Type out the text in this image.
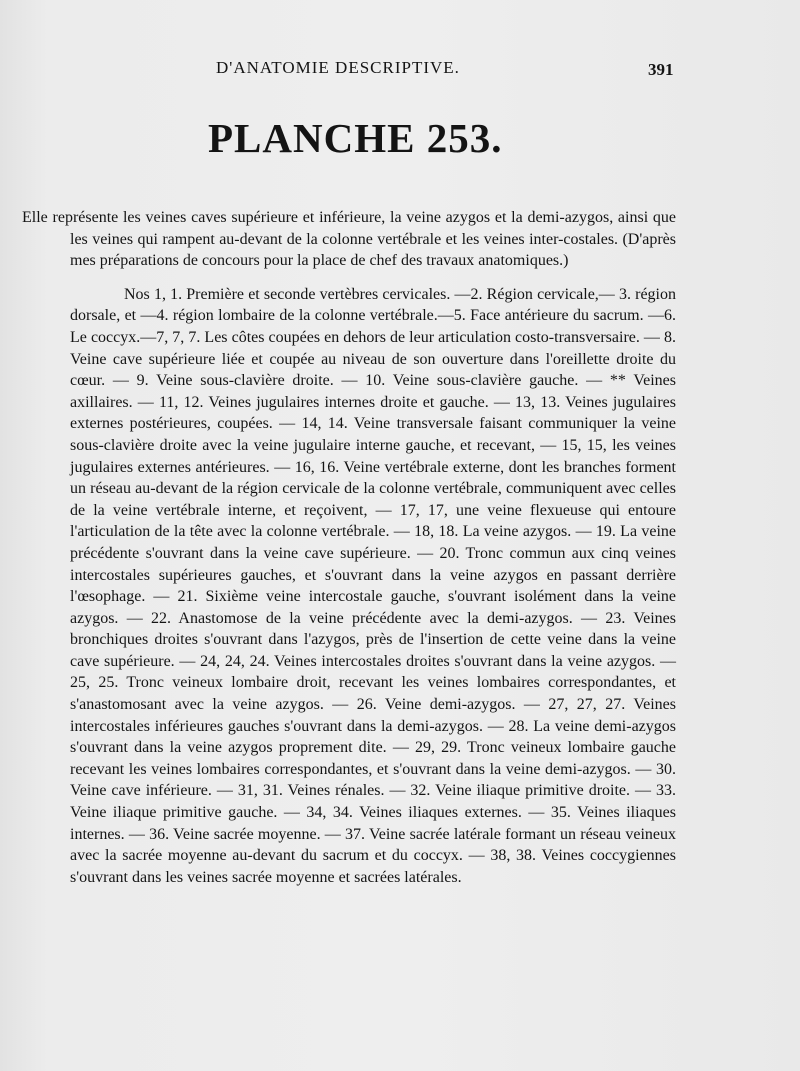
D'ANATOMIE DESCRIPTIVE.	391
PLANCHE 253.

Elle représente les veines caves supérieure et inférieure, la veine azygos et la demi-azygos, ainsi que les veines qui rampent au-devant de la colonne vertébrale et les veines inter-costales. (D'après mes préparations de concours pour la place de chef des travaux anatomiques.)

Nos 1, 1. Première et seconde vertèbres cervicales. —2. Région cervicale,— 3. région dorsale, et —4. région lombaire de la colonne vertébrale.—5. Face antérieure du sacrum. —6. Le coccyx.—7, 7, 7. Les côtes coupées en dehors de leur articulation costo-transversaire. — 8. Veine cave supérieure liée et coupée au niveau de son ouverture dans l'oreillette droite du cœur. — 9. Veine sous-clavière droite. — 10. Veine sous-clavière gauche. — ** Veines axillaires. — 11, 12. Veines jugulaires internes droite et gauche. — 13, 13. Veines jugulaires externes postérieures, coupées. — 14, 14. Veine transversale faisant communiquer la veine sous-clavière droite avec la veine jugulaire interne gauche, et recevant, — 15, 15, les veines jugulaires externes antérieures. — 16, 16. Veine vertébrale externe, dont les branches forment un réseau au-devant de la région cervicale de la colonne vertébrale, communiquent avec celles de la veine vertébrale interne, et reçoivent, — 17, 17, une veine flexueuse qui entoure l'articulation de la tête avec la colonne vertébrale. — 18, 18. La veine azygos. — 19. La veine précédente s'ouvrant dans la veine cave supérieure. — 20. Tronc commun aux cinq veines intercostales supérieures gauches, et s'ouvrant dans la veine azygos en passant derrière l'œsophage. — 21. Sixième veine intercostale gauche, s'ouvrant isolément dans la veine azygos. — 22. Anastomose de la veine précédente avec la demi-azygos. — 23. Veines bronchiques droites s'ouvrant dans l'azygos, près de l'insertion de cette veine dans la veine cave supérieure. — 24, 24, 24. Veines intercostales droites s'ouvrant dans la veine azygos. — 25, 25. Tronc veineux lombaire droit, recevant les veines lombaires correspondantes, et s'anastomosant avec la veine azygos. — 26. Veine demi-azygos. — 27, 27, 27. Veines intercostales inférieures gauches s'ouvrant dans la demi-azygos. — 28. La veine demi-azygos s'ouvrant dans la veine azygos proprement dite. — 29, 29. Tronc veineux lombaire gauche recevant les veines lombaires correspondantes, et s'ouvrant dans la veine demi-azygos. — 30. Veine cave inférieure. — 31, 31. Veines rénales. — 32. Veine iliaque primitive droite. — 33. Veine iliaque primitive gauche. — 34, 34. Veines iliaques externes. — 35. Veines iliaques internes. — 36. Veine sacrée moyenne. — 37. Veine sacrée latérale formant un réseau veineux avec la sacrée moyenne au-devant du sacrum et du coccyx. — 38, 38. Veines coccygiennes s'ouvrant dans les veines sacrée moyenne et sacrées latérales.
